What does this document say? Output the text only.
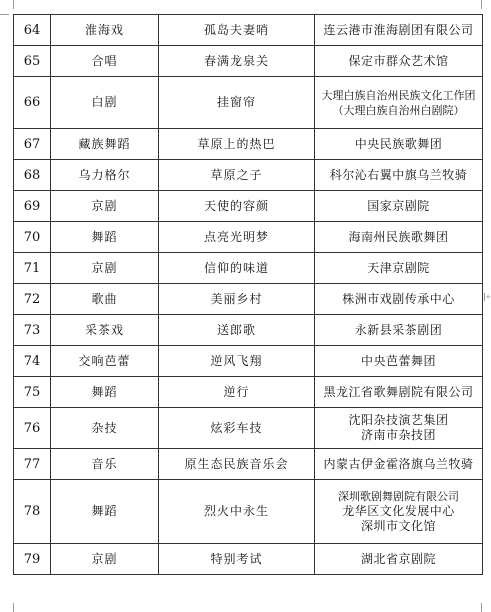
64	淮海戏	孤岛夫妻哨	连云港市淮海剧团有限公司

65	合唱	春满龙泉关	保定市群众艺术馆

66	白剧	挂窗帘	大理白族自治州民族文化工作团
（大理白族自治州白剧院）

67	藏族舞蹈	草原上的热巴	中央民族歌舞团

68	乌力格尔	草原之子	科尔沁右翼中旗乌兰牧骑

69	京剧	天使的容颜	国家京剧院

70	舞蹈	点亮光明梦	海南州民族歌舞团

71	京剧	信仰的味道	天津京剧院

72	歌曲	美丽乡村	株洲市戏剧传承中心

73	采茶戏	送郎歌	永新县采茶剧团

74	交响芭蕾	逆风飞翔	中央芭蕾舞团

75	舞蹈	逆行	黑龙江省歌舞剧院有限公司

76	杂技	炫彩车技	沈阳杂技演艺集团
济南市杂技团

77	音乐	原生态民族音乐会	内蒙古伊金霍洛旗乌兰牧骑

78	舞蹈	烈火中永生	深圳歌剧舞剧院有限公司
龙华区文化发展中心
深圳市文化馆

79	京剧	特别考试	湖北省京剧院
+
